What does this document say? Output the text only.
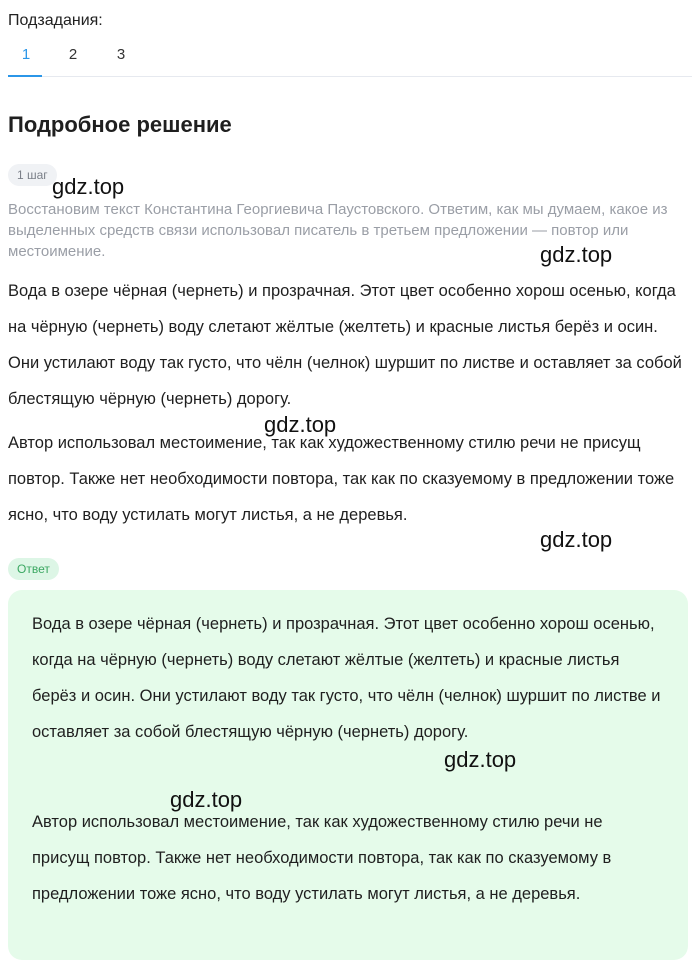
Подзадания:
1	2	3
Подробное решение
1 шаг
Восстановим текст Константина Георгиевича Паустовского. Ответим, как мы думаем, какое из выделенных средств связи использовал писатель в третьем предложении — повтор или местоимение.
Вода в озере чёрная (чернеть) и прозрачная. Этот цвет особенно хорош осенью, когда на чёрную (чернеть) воду слетают жёлтые (желтеть) и красные листья берёз и осин. Они устилают воду так густо, что чёлн (челнок) шуршит по листве и оставляет за собой блестящую чёрную (чернеть) дорогу.
Автор использовал местоимение, так как художественному стилю речи не присущ повтор. Также нет необходимости повтора, так как по сказуемому в предложении тоже ясно, что воду устилать могут листья, а не деревья.
Ответ
Вода в озере чёрная (чернеть) и прозрачная. Этот цвет особенно хорош осенью, когда на чёрную (чернеть) воду слетают жёлтые (желтеть) и красные листья берёз и осин. Они устилают воду так густо, что чёлн (челнок) шуршит по листве и оставляет за собой блестящую чёрную (чернеть) дорогу.
Автор использовал местоимение, так как художественному стилю речи не присущ повтор. Также нет необходимости повтора, так как по сказуемому в предложении тоже ясно, что воду устилать могут листья, а не деревья.
gdz.top
gdz.top
gdz.top
gdz.top
gdz.top
gdz.top
